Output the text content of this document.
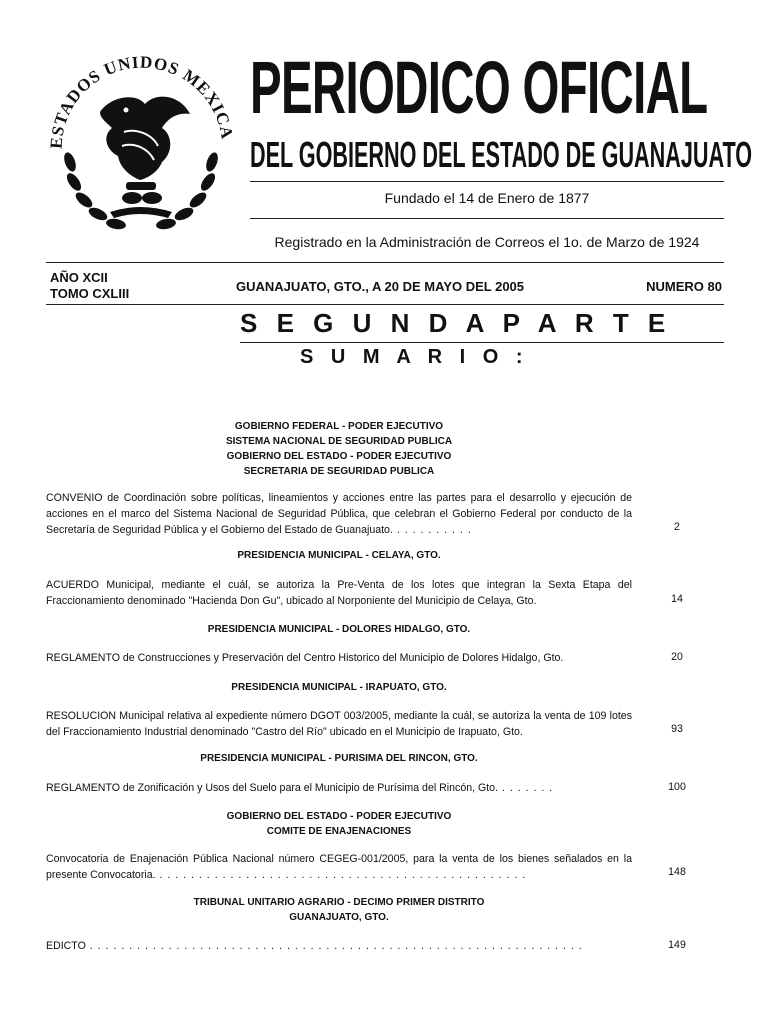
ESTADOS UNIDOS MEXICA
PERIODICO OFICIAL
DEL GOBIERNO DEL ESTADO DE GUANAJUATO
Fundado el 14 de Enero de 1877
Registrado en la Administración de Correos el 1o. de Marzo de 1924
AÑO XCII
TOMO CXLIII	GUANAJUATO, GTO., A 20 DE MAYO DEL 2005	NUMERO 80
S E G U N D A P A R T E
S U M A R I O :
GOBIERNO FEDERAL - PODER EJECUTIVO
SISTEMA NACIONAL DE SEGURIDAD PUBLICA
GOBIERNO DEL ESTADO - PODER EJECUTIVO
SECRETARIA DE SEGURIDAD PUBLICA
CONVENIO de Coordinación sobre políticas, lineamientos y acciones entre las partes para el desarrollo y ejecución de acciones en el marco del Sistema Nacional de Seguridad Pública, que celebran el Gobierno Federal por conducto de la Secretaría de Seguridad Pública y el Gobierno del Estado de Guanajuato. . . . . . . . . . .	2
PRESIDENCIA MUNICIPAL - CELAYA, GTO.
ACUERDO Municipal, mediante el cuál, se autoriza la Pre-Venta de los lotes que integran la Sexta Etapa del Fraccionamiento denominado "Hacienda Don Gu", ubicado al Norponiente del Municipio de Celaya, Gto.	14
PRESIDENCIA MUNICIPAL - DOLORES HIDALGO, GTO.
REGLAMENTO de Construcciones y Preservación del Centro Historico del Municipio de Dolores Hidalgo, Gto.	20
PRESIDENCIA MUNICIPAL - IRAPUATO, GTO.
RESOLUCION Municipal relativa al expediente número DGOT 003/2005, mediante la cuál, se autoriza la venta de 109 lotes del Fraccionamiento Industrial denominado "Castro del Río" ubicado en el Municipio de Irapuato, Gto.	93
PRESIDENCIA MUNICIPAL - PURISIMA DEL RINCON, GTO.
REGLAMENTO de Zonificación y Usos del Suelo para el Municipio de Purísima del Rincón, Gto. . . . . . . .	100
GOBIERNO DEL ESTADO - PODER EJECUTIVO
COMITE DE ENAJENACIONES
Convocatoria de Enajenación Pública Nacional número CEGEG-001/2005, para la venta de los bienes señalados en la presente Convocatoria. . . . . . . . . . . . . . . . . . . . . . . . . . . . . . . . . . . . . . . . . . . . . . . .	148
TRIBUNAL UNITARIO AGRARIO - DECIMO PRIMER DISTRITO
GUANAJUATO, GTO.
EDICTO . . . . . . . . . . . . . . . . . . . . . . . . . . . . . . . . . . . . . . . . . . . . . . . . . . . . . . . . . . . . . . .	149
